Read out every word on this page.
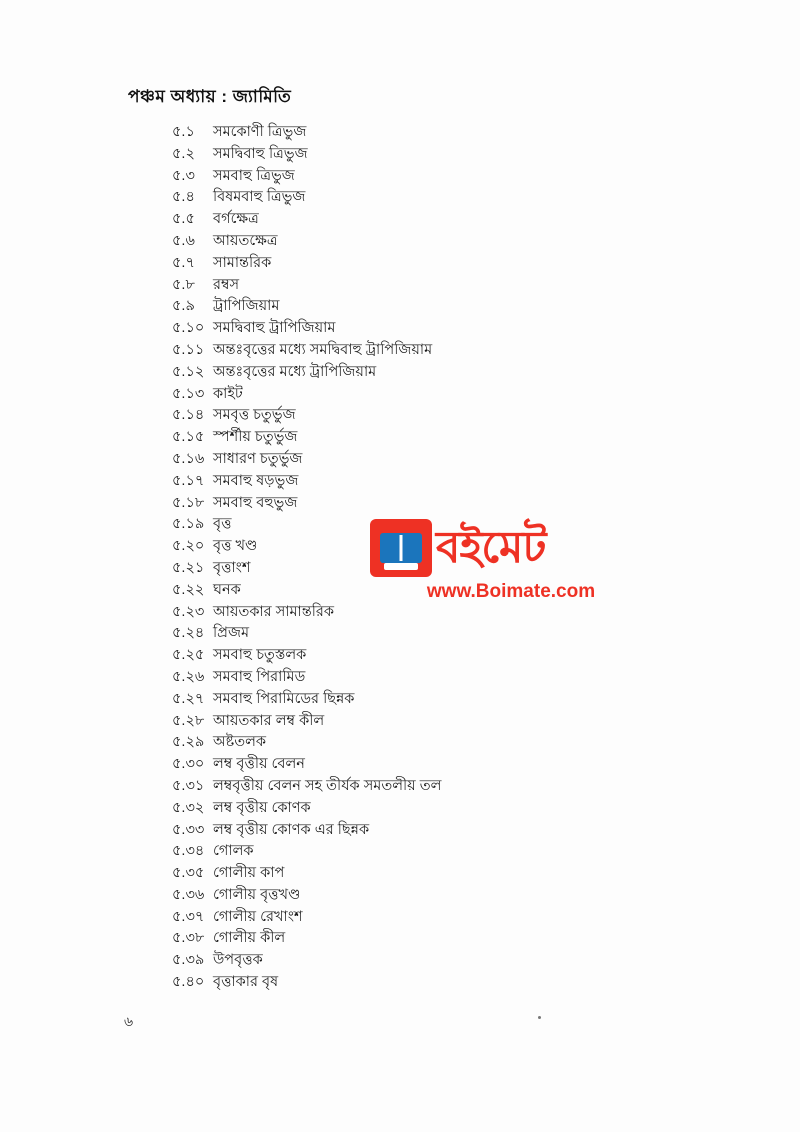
পঞ্চম অধ্যায় : জ্যামিতি
৫.১	সমকোণী ত্রিভুজ
৫.২	সমদ্বিবাহু ত্রিভুজ
৫.৩	সমবাহু ত্রিভুজ
৫.৪	বিষমবাহু ত্রিভুজ
৫.৫	বর্গক্ষেত্র
৫.৬	আয়তক্ষেত্র
৫.৭	সামান্তরিক
৫.৮	রম্বস
৫.৯	ট্রাপিজিয়াম
৫.১০ সমদ্বিবাহু ট্রাপিজিয়াম
৫.১১ অন্তঃবৃত্তের মধ্যে সমদ্বিবাহু ট্রাপিজিয়াম
৫.১২ অন্তঃবৃত্তের মধ্যে ট্রাপিজিয়াম
৫.১৩ কাইট
৫.১৪ সমবৃত্ত চতুর্ভুজ
৫.১৫ স্পর্শীয় চতুর্ভুজ
৫.১৬ সাধারণ চতুর্ভুজ
৫.১৭ সমবাহু ষড়ভুজ
৫.১৮ সমবাহু বহুভুজ
৫.১৯ বৃত্ত
৫.২০ বৃত্ত খণ্ড
৫.২১ বৃত্তাংশ
৫.২২ ঘনক
৫.২৩ আয়তকার সামান্তরিক
৫.২৪ প্রিজম
৫.২৫ সমবাহু চতুস্তলক
৫.২৬ সমবাহু পিরামিড
৫.২৭ সমবাহু পিরামিডের ছিন্নক
৫.২৮ আয়তকার লম্ব কীল
৫.২৯ অষ্টতলক
৫.৩০ লম্ব বৃত্তীয় বেলন
৫.৩১ লম্ববৃত্তীয় বেলন সহ তীর্যক সমতলীয় তল
৫.৩২ লম্ব বৃত্তীয় কোণক
৫.৩৩ লম্ব বৃত্তীয় কোণক এর ছিন্নক
৫.৩৪ গোলক
৫.৩৫ গোলীয় কাপ
৫.৩৬ গোলীয় বৃত্তখণ্ড
৫.৩৭ গোলীয় রেখাংশ
৫.৩৮ গোলীয় কীল
৫.৩৯ উপবৃত্তক
৫.৪০ বৃত্তাকার বৃষ
বইমেট
www.Boimate.com
৬
